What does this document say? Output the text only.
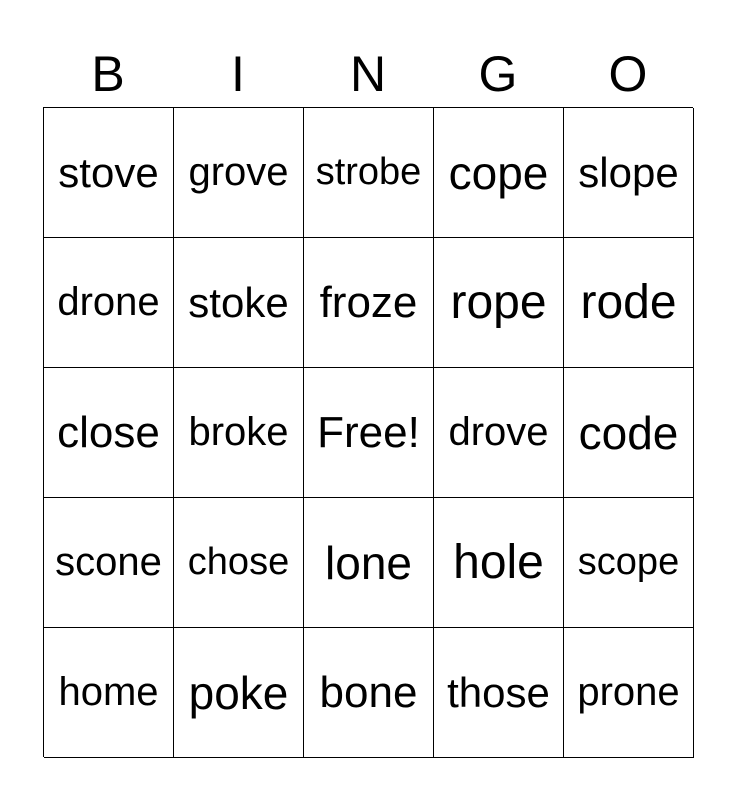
B	I	N	G	O
stove grove strobe cope slope
drone stoke froze rope rode
close broke Free! drove code
scone chose lone hole scope
home poke bone those prone
